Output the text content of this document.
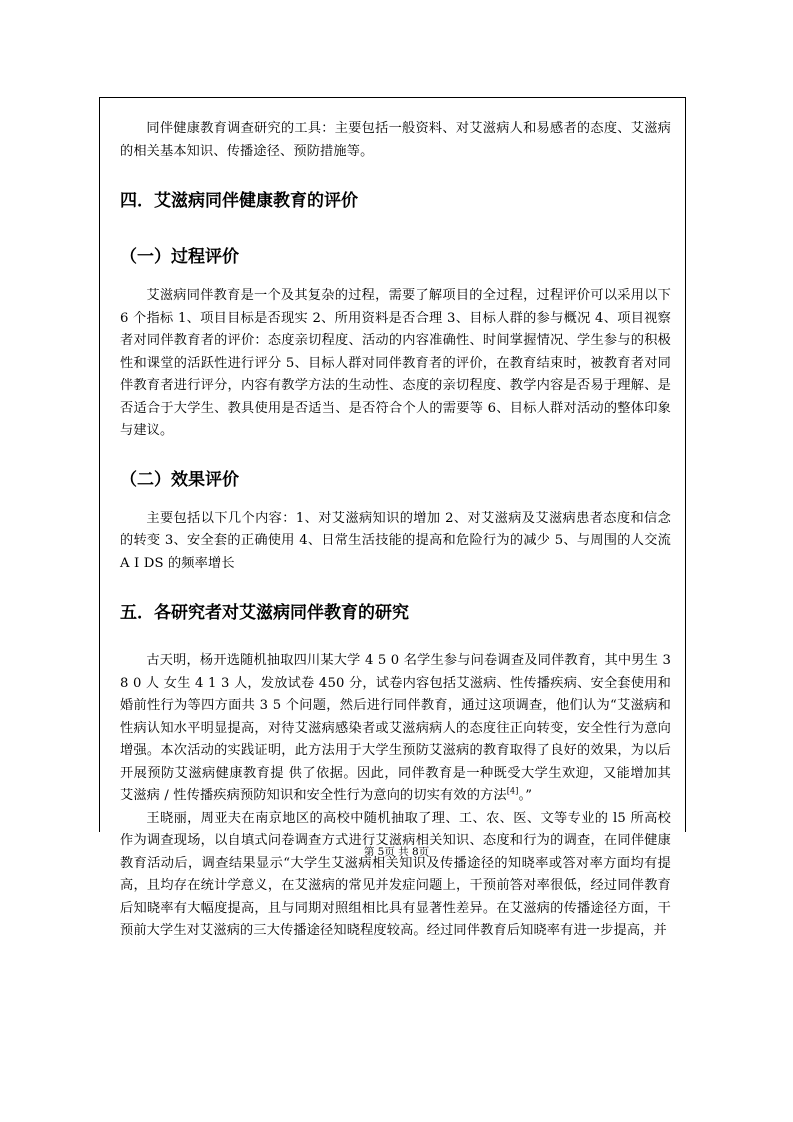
同伴健康教育调查研究的工具：主要包括一般资料、对艾滋病人和易感者的态度、艾滋病的相关基本知识、传播途径、预防措施等。

四．艾滋病同伴健康教育的评价
（一）过程评价

艾滋病同伴教育是一个及其复杂的过程，需要了解项目的全过程，过程评价可以采用以下 6 个指标 1、项目目标是否现实 2、所用资料是否合理 3、目标人群的参与概况 4、项目视察者对同伴教育者的评价：态度亲切程度、活动的内容准确性、时间掌握情况、学生参与的积极性和课堂的活跃性进行评分 5、目标人群对同伴教育者的评价，在教育结束时，被教育者对同伴教育者进行评分，内容有教学方法的生动性、态度的亲切程度、教学内容是否易于理解、是否适合于大学生、教具使用是否适当、是否符合个人的需要等 6、目标人群对活动的整体印象与建议。

（二）效果评价

主要包括以下几个内容：1、对艾滋病知识的增加 2、对艾滋病及艾滋病患者态度和信念的转变 3、安全套的正确使用 4、日常生活技能的提高和危险行为的减少 5、与周围的人交流 A I DS 的频率增长

五．各研究者对艾滋病同伴教育的研究

古天明，杨开选随机抽取四川某大学 4 5 0 名学生参与问卷调查及同伴教育，其中男生 3 8 0 人 女生 4 1 3 人，发放试卷 450 分，试卷内容包括艾滋病、性传播疾病、安全套使用和婚前性行为等四方面共 3 5 个问题，然后进行同伴教育，通过这项调查，他们认为“艾滋病和性病认知水平明显提高，对待艾滋病感染者或艾滋病病人的态度往正向转变，安全性行为意向增强。本次活动的实践证明，此方法用于大学生预防艾滋病的教育取得了良好的效果，为以后开展预防艾滋病健康教育提 供了依据。因此，同伴教育是一种既受大学生欢迎，又能增加其艾滋病 / 性传播疾病预防知识和安全性行为意向的切实有效的方法[4]。”

王晓丽，周亚夫在南京地区的高校中随机抽取了理、工、农、医、文等专业的 l5 所高校作为调查现场，以自填式问卷调查方式进行艾滋病相关知识、态度和行为的调查，在同伴健康教育活动后，调查结果显示“大学生艾滋病相关知识及传播途径的知晓率或答对率方面均有提高，且均存在统计学意义，在艾滋病的常见并发症问题上，干预前答对率很低，经过同伴教育后知晓率有大幅度提高，且与同期对照组相比具有显著性差异。在艾滋病的传播途径方面，干预前大学生对艾滋病的三大传播途径知晓程度较高。经过同伴教育后知晓率有进一步提高，并

第 5页 共 8页
